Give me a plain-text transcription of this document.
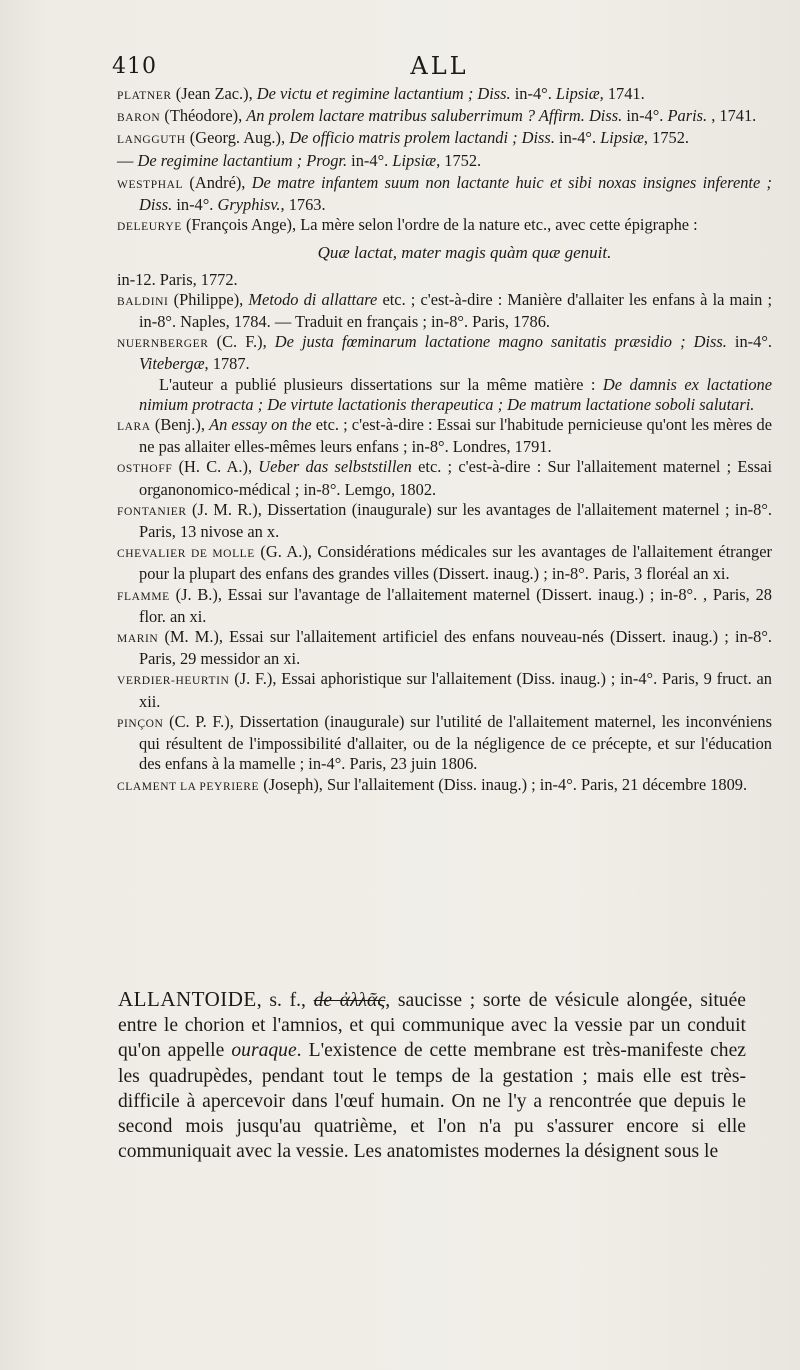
410	ALL

PLATNER (Jean Zac.), De victu et regimine lactantium ; Diss. in-4°. Lipsiæ, 1741.

BARON (Théodore), An prolem lactare matribus saluberrimum ? Affirm. Diss. in-4°. Paris. , 1741.

LANGGUTH (Georg. Aug.), De officio matris prolem lactandi ; Diss. in-4°. Lipsiæ, 1752.

— De regimine lactantium ; Progr. in-4°. Lipsiæ, 1752.

WESTPHAL (André), De matre infantem suum non lactante huic et sibi noxas insignes inferente ; Diss. in-4°. Gryphisv., 1763.

DELEURYE (François Ange), La mère selon l'ordre de la nature etc., avec cette épigraphe :

Quæ lactat, mater magis quàm quæ genuit.

in-12. Paris, 1772.

BALDINI (Philippe), Metodo di allattare etc. ; c'est-à-dire : Manière d'allaiter les enfans à la main ; in-8°. Naples, 1784. — Traduit en français ; in-8°. Paris, 1786.

NUERNBERGER (C. F.), De justa fœminarum lactatione magno sanitatis præsidio ; Diss. in-4°. Vitebergæ, 1787.

L'auteur a publié plusieurs dissertations sur la même matière : De damnis ex lactatione nimium protracta ; De virtute lactationis therapeutica ; De matrum lactatione soboli salutari.

LARA (Benj.), An essay on the etc. ; c'est-à-dire : Essai sur l'habitude pernicieuse qu'ont les mères de ne pas allaiter elles-mêmes leurs enfans ; in-8°. Londres, 1791.

OSTHOFF (H. C. A.), Ueber das selbststillen etc. ; c'est-à-dire : Sur l'allaitement maternel ; Essai organonomico-médical ; in-8°. Lemgo, 1802.

FONTANIER (J. M. R.), Dissertation (inaugurale) sur les avantages de l'allaitement maternel ; in-8°. Paris, 13 nivose an x.

CHEVALIER DE MOLLE (G. A.), Considérations médicales sur les avantages de l'allaitement étranger pour la plupart des enfans des grandes villes (Dissert. inaug.) ; in-8°. Paris, 3 floréal an xi.

FLAMME (J. B.), Essai sur l'avantage de l'allaitement maternel (Dissert. inaug.) ; in-8°. , Paris, 28 flor. an xi.

MARIN (M. M.), Essai sur l'allaitement artificiel des enfans nouveau-nés (Dissert. inaug.) ; in-8°. Paris, 29 messidor an xi.

VERDIER-HEURTIN (J. F.), Essai aphoristique sur l'allaitement (Diss. inaug.) ; in-4°. Paris, 9 fruct. an xii.

PINÇON (C. P. F.), Dissertation (inaugurale) sur l'utilité de l'allaitement maternel, les inconvéniens qui résultent de l'impossibilité d'allaiter, ou de la négligence de ce précepte, et sur l'éducation des enfans à la mamelle ; in-4°. Paris, 23 juin 1806.

CLAMENT LA PEYRIERE (Joseph), Sur l'allaitement (Diss. inaug.) ; in-4°. Paris, 21 décembre 1809.

ALLANTOIDE, s. f., de ἀλλᾶς, saucisse ; sorte de vésicule alongée, située entre le chorion et l'amnios, et qui communique avec la vessie par un conduit qu'on appelle ouraque. L'existence de cette membrane est très-manifeste chez les quadrupèdes, pendant tout le temps de la gestation ; mais elle est très-difficile à apercevoir dans l'œuf humain. On ne l'y a rencontrée que depuis le second mois jusqu'au quatrième, et l'on n'a pu s'assurer encore si elle communiquait avec la vessie. Les anatomistes modernes la désignent sous le
